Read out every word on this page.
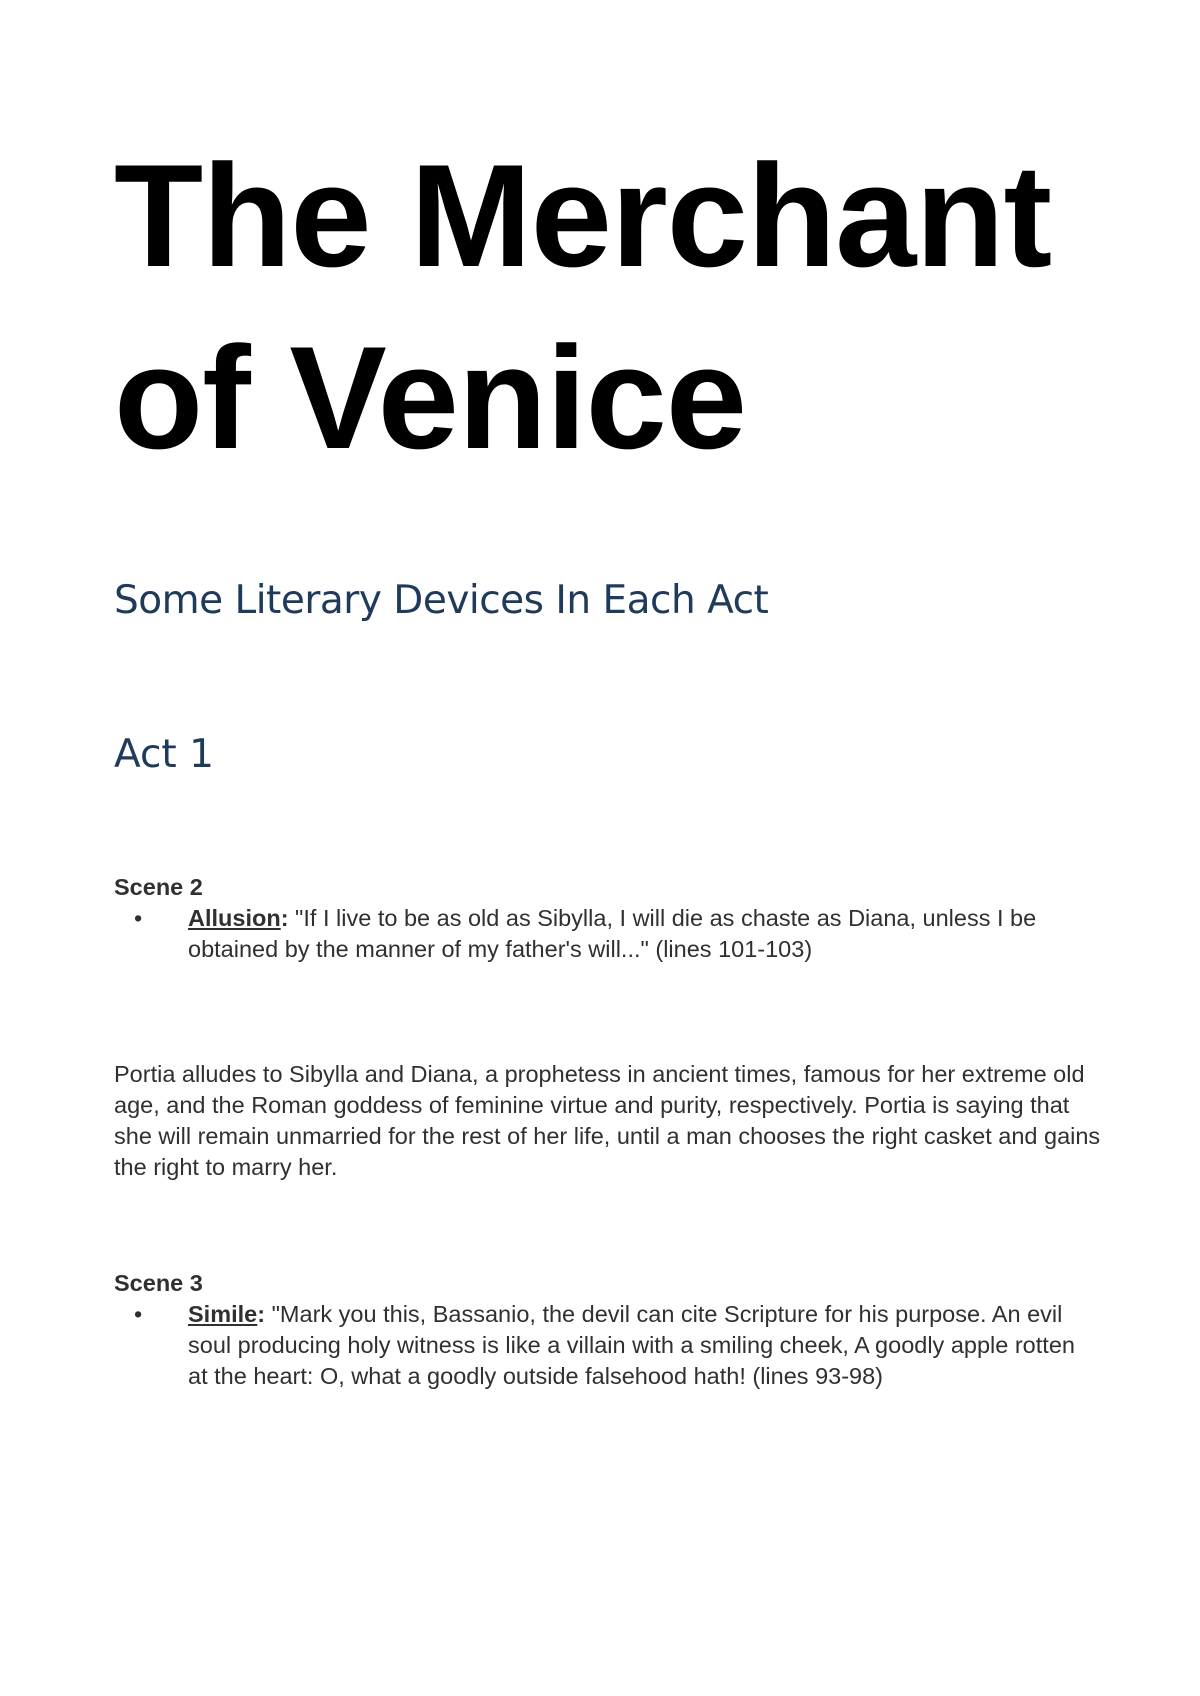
The Merchant of Venice
Some Literary Devices In Each Act
Act 1

Scene 2

• Allusion: "If I live to be as old as Sibylla, I will die as chaste as Diana, unless I be obtained by the manner of my father's will..." (lines 101-103)

Portia alludes to Sibylla and Diana, a prophetess in ancient times, famous for her extreme old age, and the Roman goddess of feminine virtue and purity, respectively. Portia is saying that she will remain unmarried for the rest of her life, until a man chooses the right casket and gains the right to marry her.

Scene 3

• Simile: "Mark you this, Bassanio, the devil can cite Scripture for his purpose. An evil soul producing holy witness is like a villain with a smiling cheek, A goodly apple rotten at the heart: O, what a goodly outside falsehood hath! (lines 93-98)
